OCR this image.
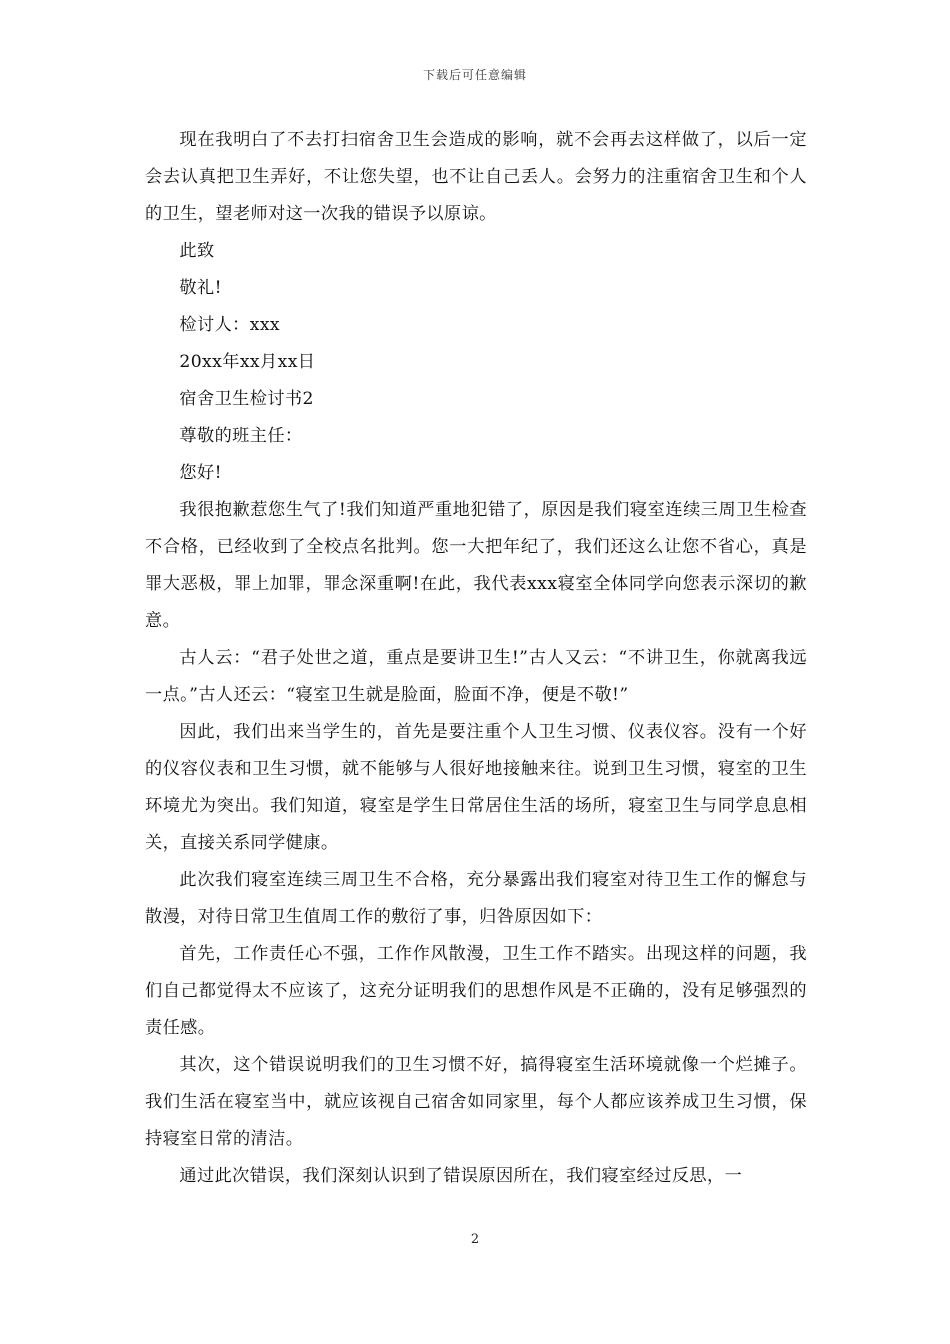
下载后可任意编辑

现在我明白了不去打扫宿舍卫生会造成的影响，就不会再去这样做了，以后一定会去认真把卫生弄好，不让您失望，也不让自己丢人。会努力的注重宿舍卫生和个人的卫生，望老师对这一次我的错误予以原谅。

此致

敬礼!

检讨人：xxx

20xx年xx月xx日

宿舍卫生检讨书2

尊敬的班主任：

您好!

我很抱歉惹您生气了!我们知道严重地犯错了，原因是我们寝室连续三周卫生检查不合格，已经收到了全校点名批判。您一大把年纪了，我们还这么让您不省心，真是罪大恶极，罪上加罪，罪念深重啊!在此，我代表xxx寝室全体同学向您表示深切的歉意。

古人云：“君子处世之道，重点是要讲卫生!”古人又云：“不讲卫生，你就离我远一点。”古人还云：“寝室卫生就是脸面，脸面不净，便是不敬!”

因此，我们出来当学生的，首先是要注重个人卫生习惯、仪表仪容。没有一个好的仪容仪表和卫生习惯，就不能够与人很好地接触来往。说到卫生习惯，寝室的卫生环境尤为突出。我们知道，寝室是学生日常居住生活的场所，寝室卫生与同学息息相关，直接关系同学健康。

此次我们寝室连续三周卫生不合格，充分暴露出我们寝室对待卫生工作的懈怠与散漫，对待日常卫生值周工作的敷衍了事，归咎原因如下：

首先，工作责任心不强，工作作风散漫，卫生工作不踏实。出现这样的问题，我们自己都觉得太不应该了，这充分证明我们的思想作风是不正确的，没有足够强烈的责任感。

其次，这个错误说明我们的卫生习惯不好，搞得寝室生活环境就像一个烂摊子。我们生活在寝室当中，就应该视自己宿舍如同家里，每个人都应该养成卫生习惯，保持寝室日常的清洁。

通过此次错误，我们深刻认识到了错误原因所在，我们寝室经过反思，一

2
